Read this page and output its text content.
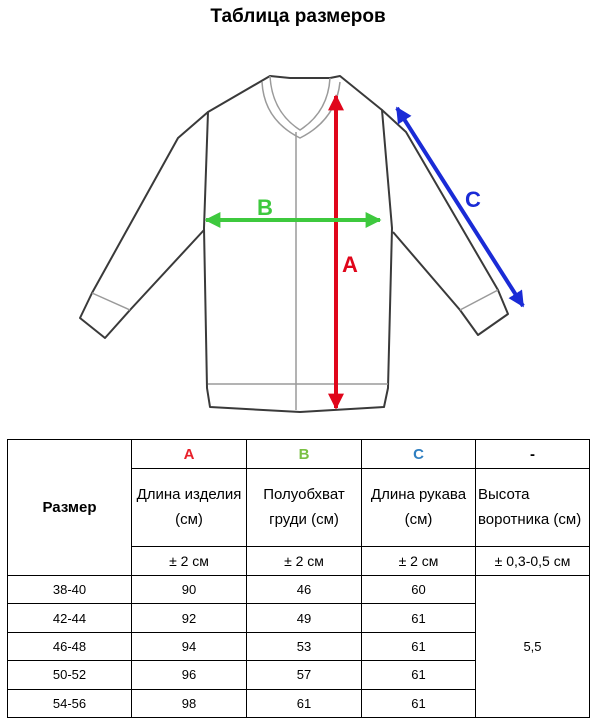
Таблица размеров
A
B	C
Размер	A	B	C	-
	Длина изделия (см)	Полуобхват груди (см)	Длина рукава (см)	Высота воротника (см)
	± 2 см	± 2 см	± 2 см	± 0,3-0,5 см
38-40	90	46	60	5,5
42-44	92	49	61	
46-48	94	53	61	
50-52	96	57	61	
54-56	98	61	61	
